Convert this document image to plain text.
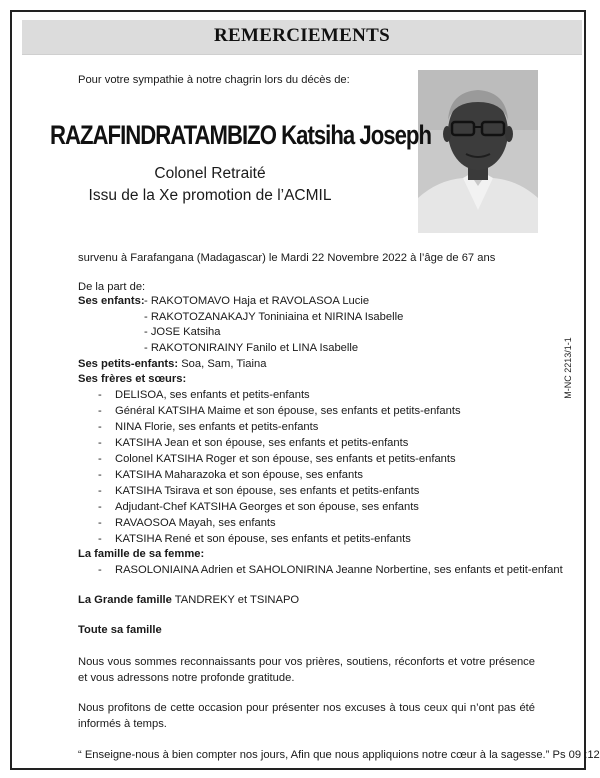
REMERCIEMENTS
M-NC 2213/1-1
Pour votre sympathie à notre chagrin lors du décès de:
RAZAFINDRATAMBIZO Katsiha Joseph
Colonel Retraité
Issu de la Xe promotion de l’ACMIL
survenu à Farafangana (Madagascar) le Mardi 22 Novembre 2022 à l’âge de 67 ans
De la part de:
Ses enfants: - RAKOTOMAVO Haja et RAVOLASOA Lucie
- RAKOTOZANAKAJY Toniniaina et NIRINA Isabelle
- JOSE Katsiha
- RAKOTONIRAINY Fanilo et LINA Isabelle
Ses petits-enfants: Soa, Sam, Tiaina
Ses frères et sœurs:
- DELISOA, ses enfants et petits-enfants
- Général KATSIHA Maime et son épouse, ses enfants et petits-enfants
- NINA Florie, ses enfants et petits-enfants
- KATSIHA Jean et son épouse, ses enfants et petits-enfants
- Colonel KATSIHA Roger et son épouse, ses enfants et petits-enfants
- KATSIHA Maharazoka et son épouse, ses enfants
- KATSIHA Tsirava et son épouse, ses enfants et petits-enfants
- Adjudant-Chef KATSIHA Georges et son épouse, ses enfants
- RAVAOSOA Mayah, ses enfants
- KATSIHA René et son épouse, ses enfants et petits-enfants
La famille de sa femme:
- RASOLONIAINA Adrien et SAHOLONIRINA Jeanne Norbertine, ses enfants et petit-enfant
La Grande famille TANDREKY et TSINAPO
Toute sa famille
Nous vous sommes reconnaissants pour vos prières, soutiens, réconforts et votre présence et vous adressons notre profonde gratitude.
Nous profitons de cette occasion pour présenter nos excuses à tous ceux qui n’ont pas été informés à temps.
“ Enseigne-nous à bien compter nos jours, Afin que nous appliquions notre cœur à la sagesse.” Ps 09 :12
